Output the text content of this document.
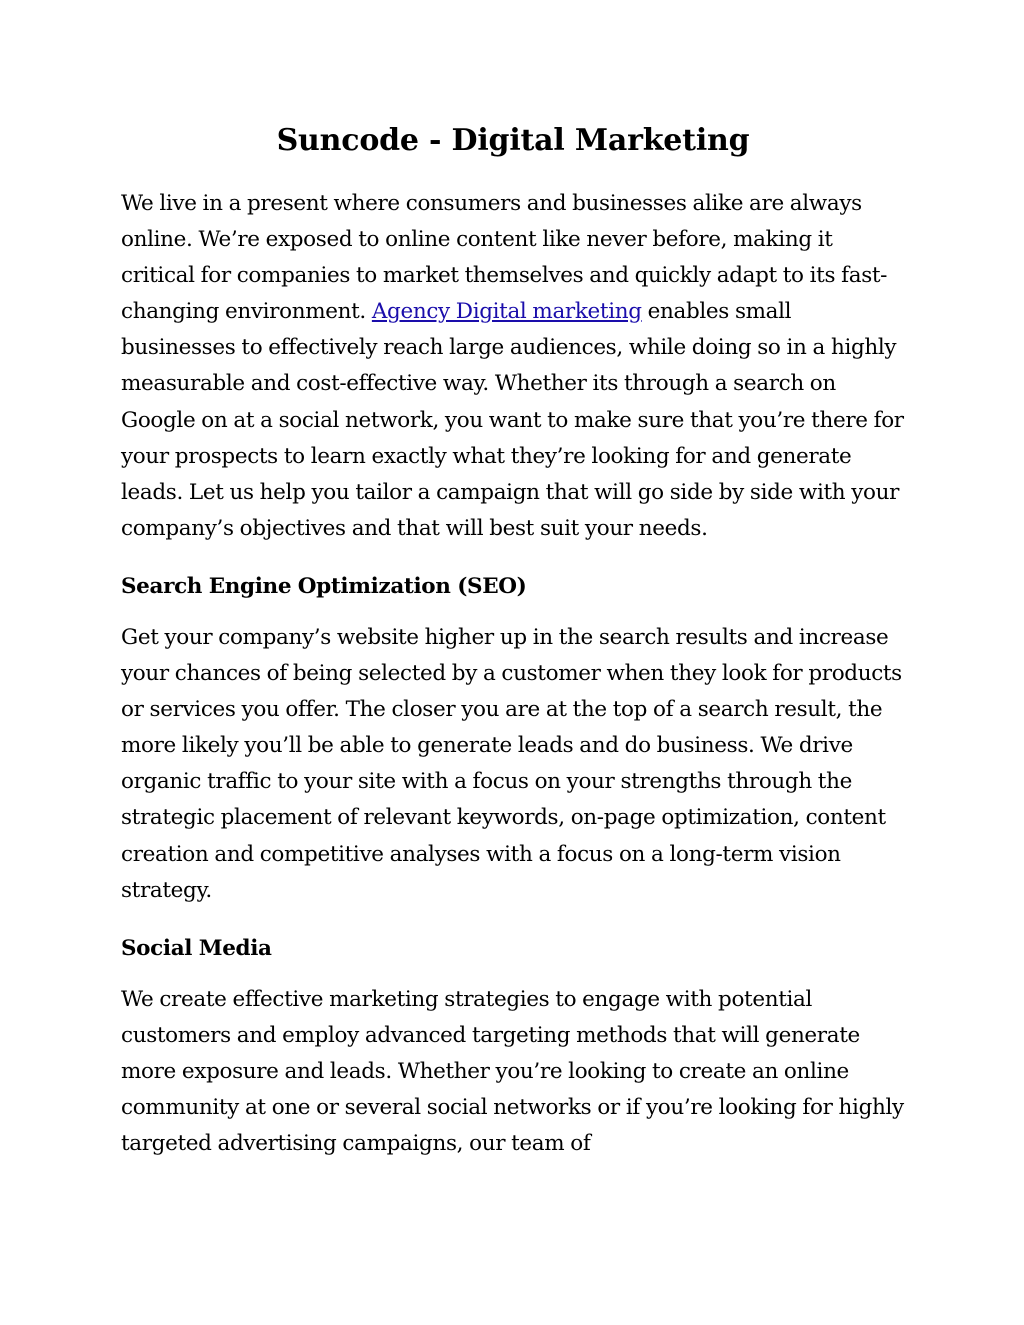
Suncode - Digital Marketing

We live in a present where consumers and businesses alike are always online. We’re exposed to online content like never before, making it critical for companies to market themselves and quickly adapt to its fast-changing environment. Agency Digital marketing enables small businesses to effectively reach large audiences, while doing so in a highly measurable and cost-effective way. Whether its through a search on Google on at a social network, you want to make sure that you’re there for your prospects to learn exactly what they’re looking for and generate leads. Let us help you tailor a campaign that will go side by side with your company’s objectives and that will best suit your needs.

Search Engine Optimization (SEO)

Get your company’s website higher up in the search results and increase your chances of being selected by a customer when they look for products or services you offer. The closer you are at the top of a search result, the more likely you’ll be able to generate leads and do business. We drive organic traffic to your site with a focus on your strengths through the strategic placement of relevant keywords, on-page optimization, content creation and competitive analyses with a focus on a long-term vision strategy.

Social Media

We create effective marketing strategies to engage with potential customers and employ advanced targeting methods that will generate more exposure and leads. Whether you’re looking to create an online community at one or several social networks or if you’re looking for highly targeted advertising campaigns, our team of
